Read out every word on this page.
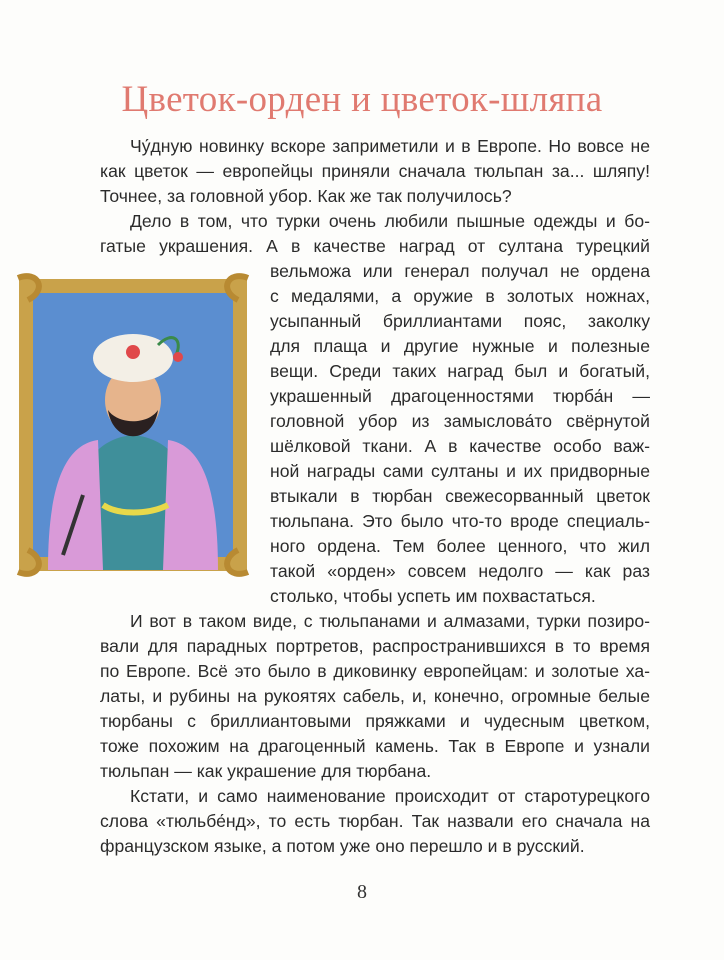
Цветок-орден и цветок-шляпа
Чу́дную новинку вскоре заприметили и в Европе. Но вовсе не
как цветок — европейцы приняли сначала тюльпан за... шляпу!
Точнее, за головной убор. Как же так получилось?
Дело в том, что турки очень любили пышные одежды и бо-
гатые украшения. А в качестве наград от султана турецкий
вельможа или генерал получал не ордена
с медалями, а оружие в золотых ножнах,
усыпанный бриллиантами пояс, заколку
для плаща и другие нужные и полезные
вещи. Среди таких наград был и богатый,
украшенный драгоценностями тюрба́н —
головной убор из замыслова́то свёрнутой
шёлковой ткани. А в качестве особо важ-
ной награды сами султаны и их придворные
втыкали в тюрбан свежесорванный цветок
тюльпана. Это было что-то вроде специаль-
ного ордена. Тем более ценного, что жил
такой «орден» совсем недолго — как раз
столько, чтобы успеть им похвастаться.
И вот в таком виде, с тюльпанами и алмазами, турки позиро-
вали для парадных портретов, распространившихся в то время
по Европе. Всё это было в диковинку европейцам: и золотые ха-
латы, и рубины на рукоятях сабель, и, конечно, огромные белые
тюрбаны с бриллиантовыми пряжками и чудесным цветком,
тоже похожим на драгоценный камень. Так в Европе и узнали
тюльпан — как украшение для тюрбана.
Кстати, и само наименование происходит от старотурецкого
слова «тюльбе́нд», то есть тюрбан. Так назвали его сначала на
французском языке, а потом уже оно перешло и в русский.
8
